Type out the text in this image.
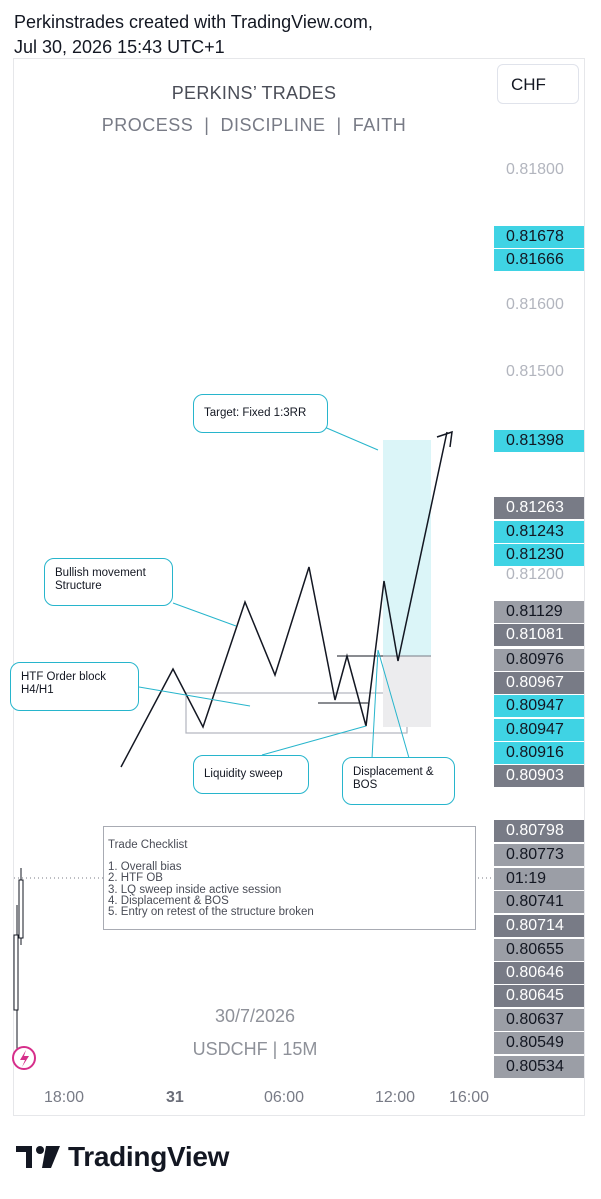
Perkinstrades created with TradingView.com,
Jul 30, 2026 15:43 UTC+1
CHF
PERKINS’ TRADES
PROCESS  |  DISCIPLINE  |  FAITH
0.81800
0.81600
0.81500
0.81200
0.81678
0.81666
0.81398
0.81263
0.81243
0.81230
0.81129
0.81081
0.80976
0.80967
0.80947
0.80947
0.80916
0.80903
0.80798
0.80773
01:19
0.80741
0.80714
0.80655
0.80646
0.80645
0.80637
0.80549
0.80534
Target: Fixed 1:3RR
Bullish movement
Structure
HTF Order block
H4/H1
Liquidity sweep	Displacement &
BOS
Trade Checklist
1. Overall bias
2. HTF OB
3. LQ sweep inside active session
4. Displacement & BOS
5. Entry on retest of the structure broken
30/7/2026
USDCHF | 15M
18:00	31	06:00	12:00 16:00
TradingView
